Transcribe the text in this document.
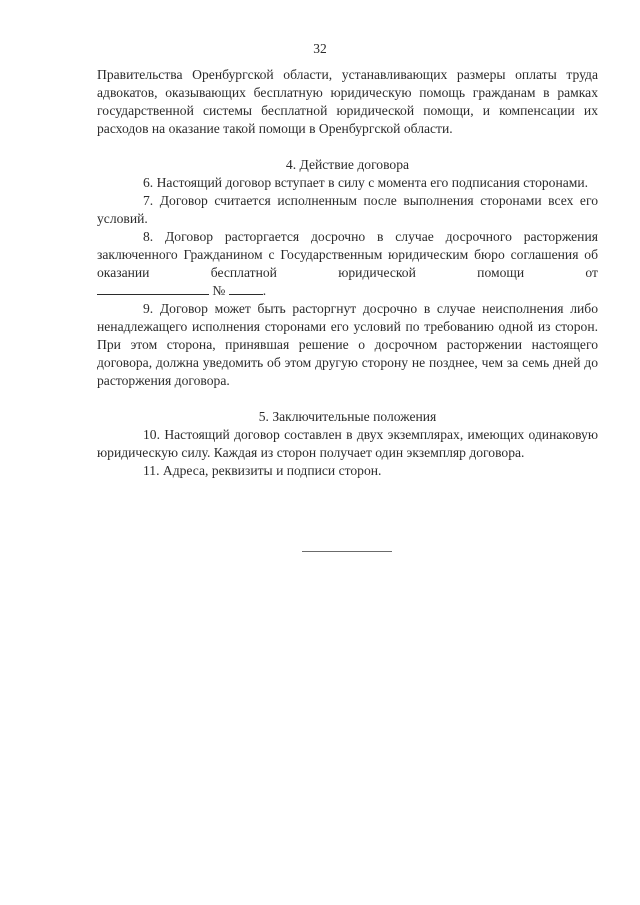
32

Правительства Оренбургской области, устанавливающих размеры оплаты труда адвокатов, оказывающих бесплатную юридическую помощь гражданам в рамках государственной системы бесплатной юридической помощи, и компенсации их расходов на оказание такой помощи в Оренбургской области.

4. Действие договора

6. Настоящий договор вступает в силу с момента его подписания сторонами.

7. Договор считается исполненным после выполнения сторонами всех его условий.

8. Договор расторгается досрочно в случае досрочного расторжения заключенного Гражданином с Государственным юридическим бюро соглашения об оказании бесплатной юридической помощи от

№	.

9. Договор может быть расторгнут досрочно в случае неисполнения либо ненадлежащего исполнения сторонами его условий по требованию одной из сторон. При этом сторона, принявшая решение о досрочном расторжении настоящего договора, должна уведомить об этом другую сторону не позднее, чем за семь дней до расторжения договора.

5. Заключительные положения

10. Настоящий договор составлен в двух экземплярах, имеющих одинаковую юридическую силу. Каждая из сторон получает один экземпляр договора.

11. Адреса, реквизиты и подписи сторон.
